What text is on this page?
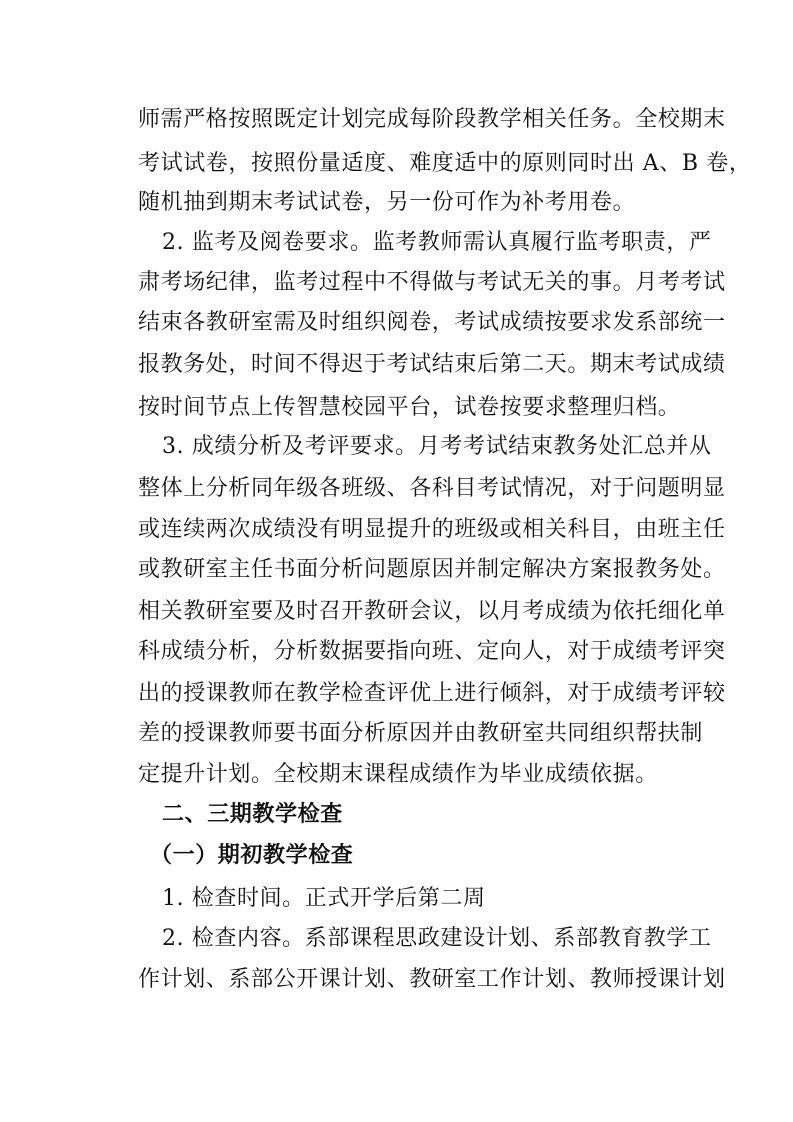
师需严格按照既定计划完成每阶段教学相关任务。全校期末
考试试卷，按照份量适度、难度适中的原则同时出 A、B 卷，
随机抽到期末考试试卷，另一份可作为补考用卷。
2. 监考及阅卷要求。监考教师需认真履行监考职责，严
肃考场纪律，监考过程中不得做与考试无关的事。月考考试
结束各教研室需及时组织阅卷，考试成绩按要求发系部统一
报教务处，时间不得迟于考试结束后第二天。期末考试成绩
按时间节点上传智慧校园平台，试卷按要求整理归档。
3. 成绩分析及考评要求。月考考试结束教务处汇总并从
整体上分析同年级各班级、各科目考试情况，对于问题明显
或连续两次成绩没有明显提升的班级或相关科目，由班主任
或教研室主任书面分析问题原因并制定解决方案报教务处。
相关教研室要及时召开教研会议，以月考成绩为依托细化单
科成绩分析，分析数据要指向班、定向人，对于成绩考评突
出的授课教师在教学检查评优上进行倾斜，对于成绩考评较
差的授课教师要书面分析原因并由教研室共同组织帮扶制
定提升计划。全校期末课程成绩作为毕业成绩依据。
二、三期教学检查
（一）期初教学检查
1. 检查时间。正式开学后第二周
2. 检查内容。系部课程思政建设计划、系部教育教学工
作计划、系部公开课计划、教研室工作计划、教师授课计划
